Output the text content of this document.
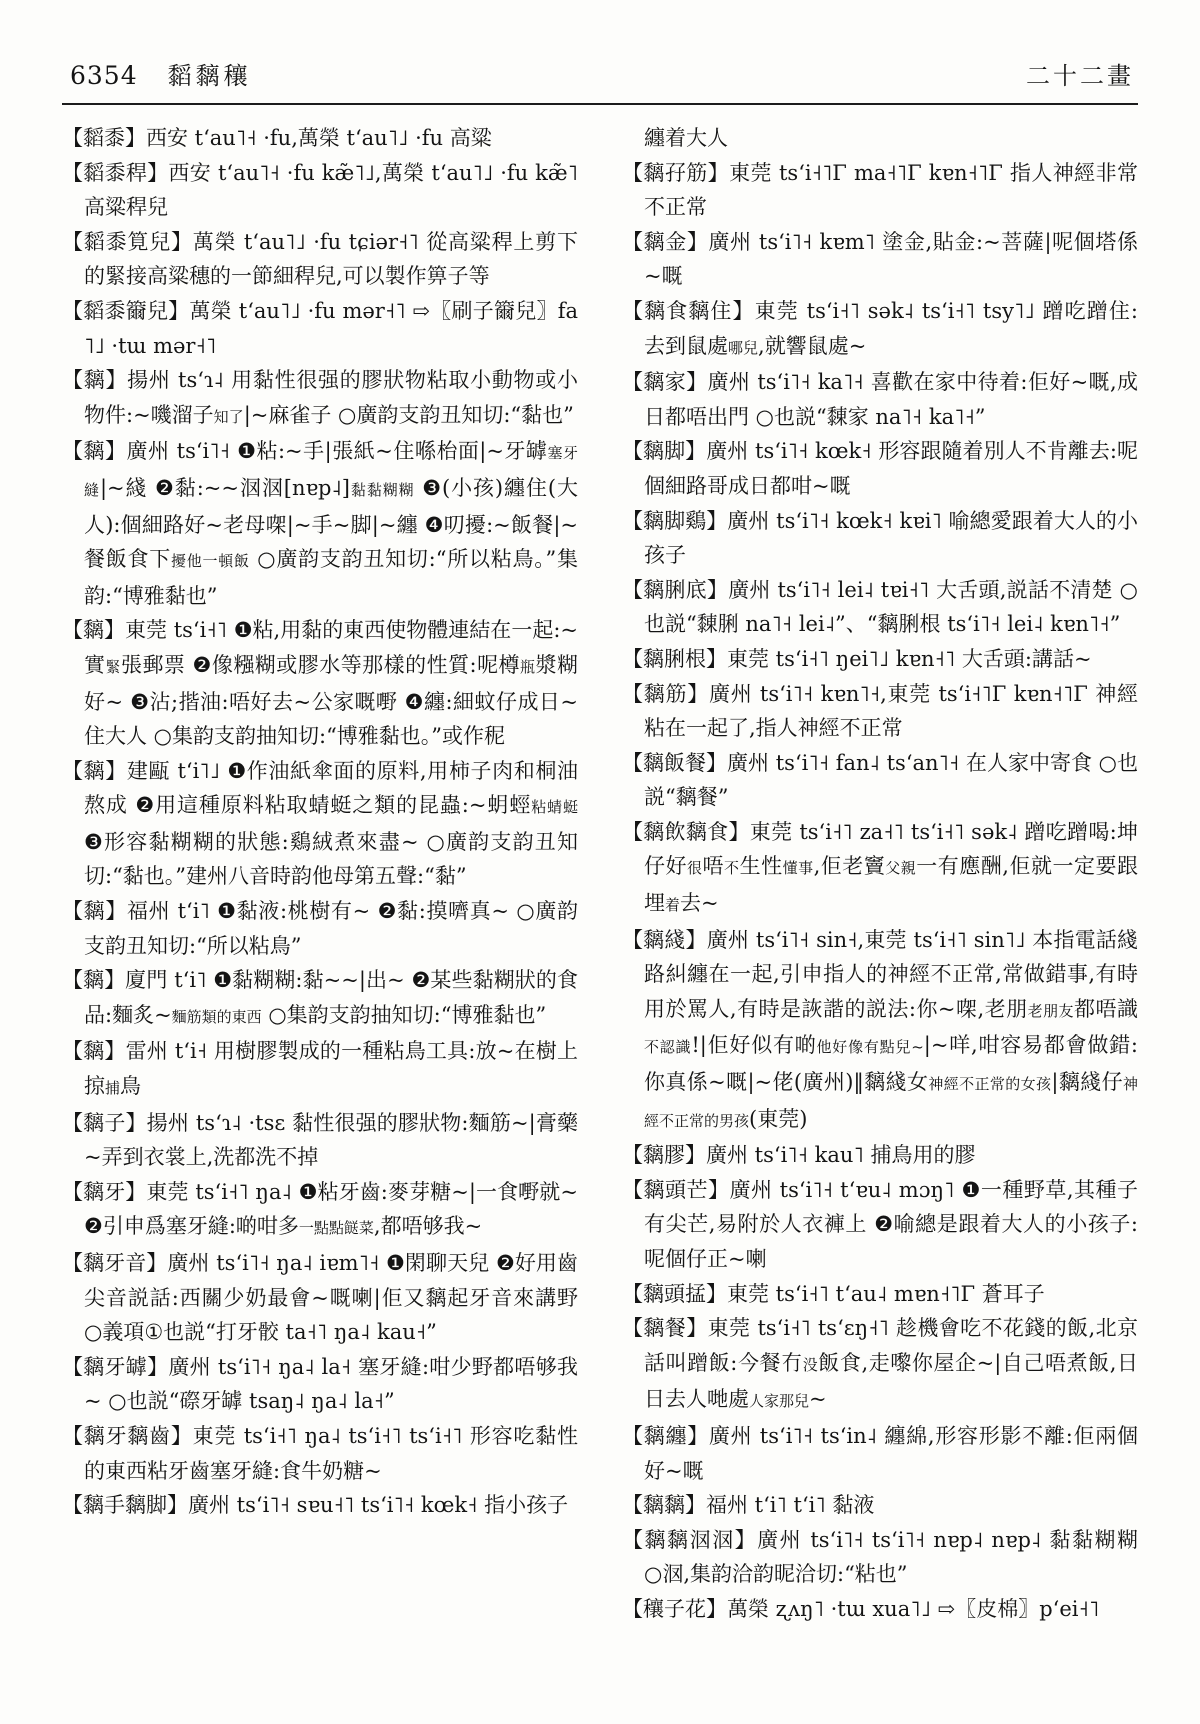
6354 䵚黐穰	二十二畫

【䵚黍】西安 tʻau˥˧ ·fu,萬榮 tʻau˥˩ ·fu 高粱

【䵚黍稈】西安 tʻau˥˧ ·fu kæ̃˥˩,萬榮 tʻau˥˩ ·fu kæ̃˥ 高粱稈兒

【䵚黍筧兒】萬榮 tʻau˥˩ ·fu tɕiər˧˥ 從高粱稈上剪下的緊接高粱穗的一節細稈兒,可以製作箅子等

【䵚黍籋兒】萬榮 tʻau˥˩ ·fu mər˧˥ ⇨〖刷子籋兒〗fa˥˩ ·tɯ mər˧˥

【黐】揚州 tsʻɿ˨ 用黏性很强的膠狀物粘取小動物或小物件:~嘰溜子知了|~麻雀子 ○廣韵支韵丑知切:“黏也”

【黐】廣州 tsʻi˥˧ ❶粘:~手|張紙~住喺枱面|~牙罅塞牙縫|~綫 ❷黏:~~𣲷𣲷[nɐp˨]黏黏糊糊 ❸(小孩)纏住(大人):個細路好~老母㗎|~手~脚|~纏 ❹叨擾:~飯餐|~餐飯食下擾他一頓飯 ○廣韵支韵丑知切:“所以粘鳥。”集韵:“博雅黏也”

【黐】東莞 tsʻi˧˥ ❶粘,用黏的東西使物體連結在一起:~實緊張郵票 ❷像糨糊或膠水等那樣的性質:呢樽瓶漿糊好~ ❸沾;揩油:唔好去~公家嘅嘢 ❹纏:細蚊仔成日~住大人 ○集韵支韵抽知切:“博雅黏也。”或作秜

【黐】建甌 tʻi˥˩ ❶作油紙傘面的原料,用柿子肉和桐油熬成 ❷用這種原料粘取蜻蜓之類的昆蟲:~蚏蛵粘蜻蜓 ❸形容黏糊糊的狀態:鷄絨煮來盡~ ○廣韵支韵丑知切:“黏也。”建州八音時韵他母第五聲:“黏”

【黐】福州 tʻi˥ ❶黏液:桃樹有~ ❷黏:摸嚌真~ ○廣韵支韵丑知切:“所以粘鳥”

【黐】廈門 tʻi˥ ❶黏糊糊:黏~~|出~ ❷某些黏糊狀的食品:麵炙~麵筋類的東西 ○集韵支韵抽知切:“博雅黏也”

【黐】雷州 tʻi˧ 用樹膠製成的一種粘鳥工具:放~在樹上掠捕鳥

【黐子】揚州 tsʻɿ˨ ·tsɛ 黏性很强的膠狀物:麵筋~|膏藥~弄到衣裳上,洗都洗不掉

【黐牙】東莞 tsʻi˧˥ ŋa˨ ❶粘牙齒:麥芽糖~|一食嘢就~ ❷引申爲塞牙縫:啲咁多一點點餸菜,都唔够我~

【黐牙音】廣州 tsʻi˥˧ ŋa˨ iɐm˥˧ ❶閑聊天兒 ❷好用齒尖音説話:西關少奶最會~嘅喇|佢又黐起牙音來講野 ○義項①也説“打牙骹 ta˧˥ ŋa˨ kau˧”

【黐牙罅】廣州 tsʻi˥˧ ŋa˨ la˧ 塞牙縫:咁少野都唔够我~ ○也説“磜牙罅 tsaŋ˨ ŋa˨ la˧”

【黐牙黐齒】東莞 tsʻi˧˥ ŋa˨ tsʻi˧˥ tsʻi˧˥ 形容吃黏性的東西粘牙齒塞牙縫:食牛奶糖~

【黐手黐脚】廣州 tsʻi˥˧ sɐu˧˥ tsʻi˥˧ kœk˧ 指小孩子

纏着大人

【黐孖筋】東莞 tsʻi˧˥Γ ma˧˥Γ kɐn˧˥Γ 指人神經非常不正常

【黐金】廣州 tsʻi˥˧ kɐm˥ 塗金,貼金:~菩薩|呢個塔係~嘅

【黐食黐住】東莞 tsʻi˧˥ sək˨ tsʻi˧˥ tsy˥˩ 蹭吃蹭住:去到鼠處哪兒,就響鼠處~

【黐家】廣州 tsʻi˥˧ ka˥˧ 喜歡在家中待着:佢好~嘅,成日都唔出門 ○也説“䵔家 na˥˧ ka˥˧”

【黐脚】廣州 tsʻi˥˧ kœk˧ 形容跟隨着別人不肯離去:呢個細路哥成日都咁~嘅

【黐脚鷄】廣州 tsʻi˥˧ kœk˧ kɐi˥ 喻總愛跟着大人的小孩子

【黐脷底】廣州 tsʻi˥˧ lei˨ tɐi˧˥ 大舌頭,説話不清楚 ○也説“䵔脷 na˥˧ lei˨”、“黐脷根 tsʻi˥˧ lei˨ kɐn˥˧”

【黐脷根】東莞 tsʻi˧˥ ŋei˥˩ kɐn˧˥ 大舌頭:講話~

【黐筋】廣州 tsʻi˥˧ kɐn˥˧,東莞 tsʻi˧˥Γ kɐn˧˥Γ 神經粘在一起了,指人神經不正常

【黐飯餐】廣州 tsʻi˥˧ fan˨ tsʻan˥˧ 在人家中寄食 ○也説“黐餐”

【黐飲黐食】東莞 tsʻi˧˥ za˧˥ tsʻi˧˥ sək˨ 蹭吃蹭喝:坤仔好很唔不生性懂事,佢老竇父親一有應酬,佢就一定要跟埋着去~

【黐綫】廣州 tsʻi˥˧ sin˧,東莞 tsʻi˧˥ sin˥˩ 本指電話綫路糾纏在一起,引申指人的神經不正常,常做錯事,有時用於罵人,有時是詼諧的説法:你~㗎,老朋老朋友都唔識不認識!|佢好似有啲他好像有點兒~|~咩,咁容易都會做錯:你真係~嘅|~佬(廣州)‖黐綫女神經不正常的女孩|黐綫仔神經不正常的男孩(東莞)

【黐膠】廣州 tsʻi˥˧ kau˥ 捕鳥用的膠

【黐頭芒】廣州 tsʻi˥˧ tʻɐu˨ mɔŋ˥ ❶一種野草,其種子有尖芒,易附於人衣褲上 ❷喻總是跟着大人的小孩子:呢個仔正~喇

【黐頭掹】東莞 tsʻi˧˥ tʻau˨ mɐn˧˥Γ 蒼耳子

【黐餐】東莞 tsʻi˧˥ tsʻɛŋ˧˥ 趁機會吃不花錢的飯,北京話叫蹭飯:今餐冇没飯食,走嚟你屋企~|自己唔煮飯,日日去人哋處人家那兒~

【黐纏】廣州 tsʻi˥˧ tsʻin˨ 纏綿,形容形影不離:佢兩個好~嘅

【黐黐】福州 tʻi˥ tʻi˥ 黏液

【黐黐𣲷𣲷】廣州 tsʻi˥˧ tsʻi˥˧ nɐp˨ nɐp˨ 黏黏糊糊 ○𣲷,集韵洽韵昵洽切:“粘也”

【穰子花】萬榮 ʐʌŋ˥ ·tɯ xua˥˩ ⇨〖皮棉〗pʻei˧˥
